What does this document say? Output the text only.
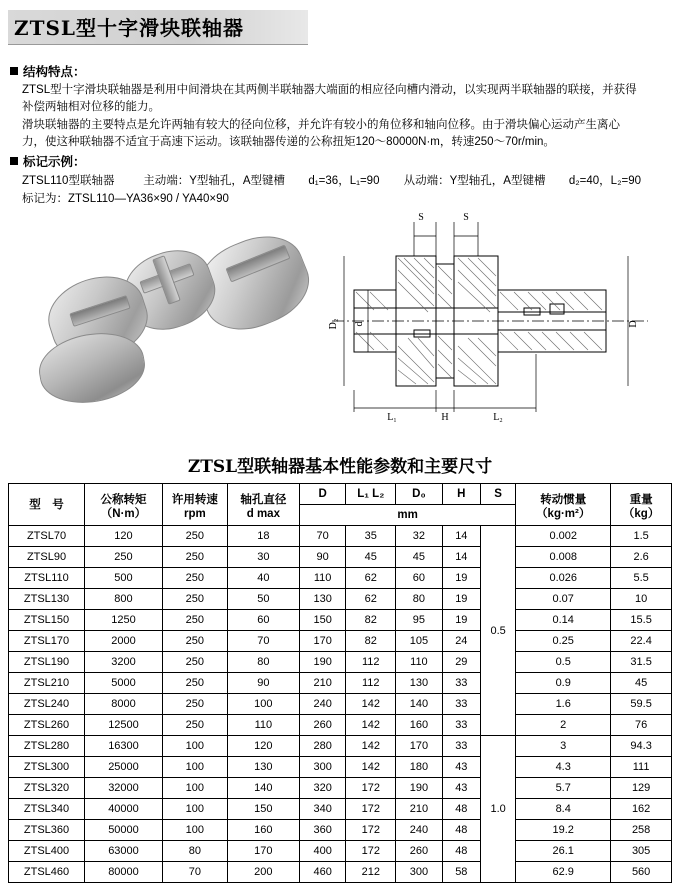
ZTSL型十字滑块联轴器
结构特点：
ZTSL型十字滑块联轴器是利用中间滑块在其两侧半联轴器大端面的相应径向槽内滑动，以实现两半联轴器的联接，并获得补偿两轴相对位移的能力。
滑块联轴器的主要特点是允许两轴有较大的径向位移，并允许有较小的角位移和轴向位移。由于滑块偏心运动产生离心力，使这种联轴器不适宜于高速下运动。该联轴器传递的公称扭矩120～80000N·m，转速250～70r/min。
标记示例：
ZTSL110型联轴器	主动端：Y型轴孔，A型键槽 d₁=36，L₁=90 从动端：Y型轴孔，A型键槽 d₂=40，L₂=90
标记为：ZTSL110—YA36×90 / YA40×90
S	S
D₂ d	D
L₁	H	L₂
ZTSL型联轴器基本性能参数和主要尺寸
型　号	公称转矩
（N·m）

许用转速
rpm

轴孔直径
d max
	D	L₁ L₂	D₀	H	S	转动惯量
（kg·m²）

重量
（kg）

				mm						
ZTSL70	120	250	18	70	35	32	14	0.5	0.002	1.5
ZTSL90	250	250	30	90	45	45	14		0.008	2.6
ZTSL110	500	250	40	110	62	60	19		0.026	5.5
ZTSL130	800	250	50	130	62	80	19		0.07	10
ZTSL150	1250	250	60	150	82	95	19		0.14	15.5
ZTSL170	2000	250	70	170	82	105	24		0.25	22.4
ZTSL190	3200	250	80	190	112	110	29		0.5	31.5
ZTSL210	5000	250	90	210	112	130	33		0.9	45
ZTSL240	8000	250	100	240	142	140	33		1.6	59.5
ZTSL260	12500	250	110	260	142	160	33		2	76
ZTSL280	16300	100	120	280	142	170	33	1.0	3	94.3
ZTSL300	25000	100	130	300	142	180	43		4.3	111
ZTSL320	32000	100	140	320	172	190	43		5.7	129
ZTSL340	40000	100	150	340	172	210	48		8.4	162
ZTSL360	50000	100	160	360	172	240	48		19.2	258
ZTSL400	63000	80	170	400	172	260	48		26.1	305
ZTSL460	80000	70	200	460	212	300	58		62.9	560
